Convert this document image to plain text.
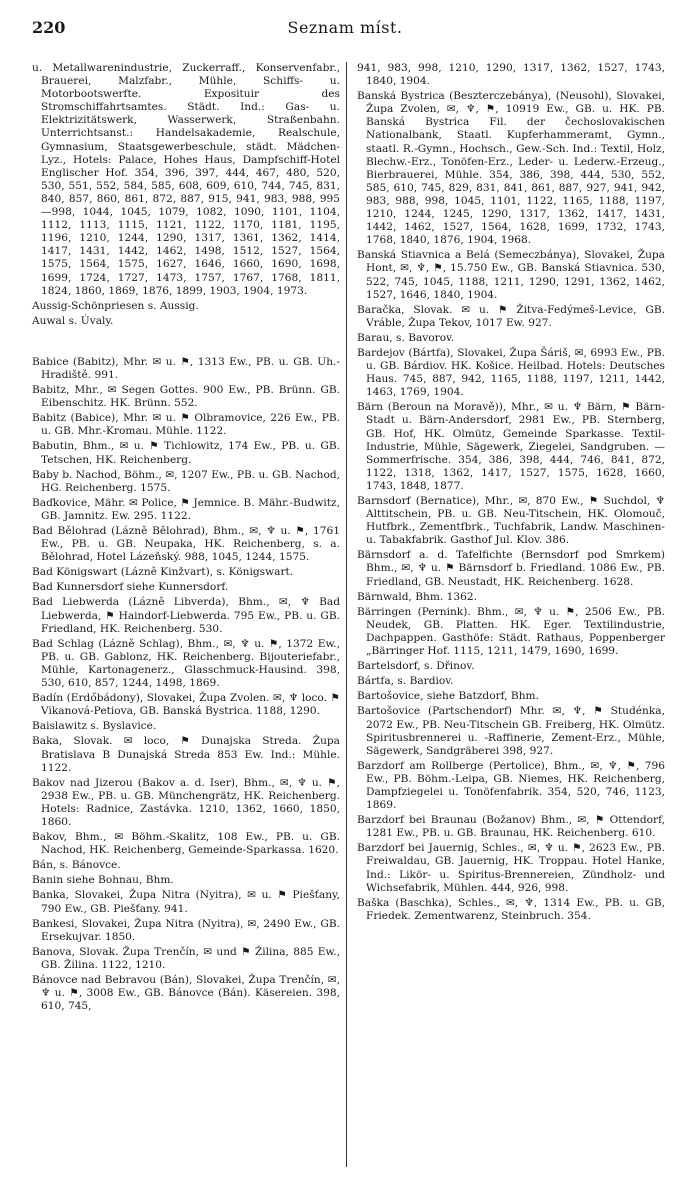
220	Seznam míst.

u. Metallwarenindustrie, Zuckerraff., Konservenfabr., Brauerei, Malzfabr., Mühle, Schiffs- u. Motorbootswerfte. Exposituir des Stromschiffahrtsamtes. Städt. Ind.: Gas- u. Elektrizitätswerk, Wasserwerk, Straßenbahn. Unterrichtsanst.: Handelsakademie, Realschule, Gymnasium, Staatsgewerbeschule, städt. Mädchen-Lyz., Hotels: Palace, Hohes Haus, Dampfschiff-Hotel Englischer Hof. 354, 396, 397, 444, 467, 480, 520, 530, 551, 552, 584, 585, 608, 609, 610, 744, 745, 831, 840, 857, 860, 861, 872, 887, 915, 941, 983, 988, 995—998, 1044, 1045, 1079, 1082, 1090, 1101, 1104, 1112, 1113, 1115, 1121, 1122, 1170, 1181, 1195, 1196, 1210, 1244, 1290, 1317, 1361, 1362, 1414, 1417, 1431, 1442, 1462, 1498, 1512, 1527, 1564, 1575, 1564, 1575, 1627, 1646, 1660, 1690, 1698, 1699, 1724, 1727, 1473, 1757, 1767, 1768, 1811, 1824, 1860, 1869, 1876, 1899, 1903, 1904, 1973.

Aussig-Schönpriesen s. Aussig.

Auwal s. Úvaly.

Babice (Babitz), Mhr. ✉ u. ⚑, 1313 Ew., PB. u. GB. Uh.-Hradiště. 991.

Babitz, Mhr., ✉ Segen Gottes. 900 Ew., PB. Brünn. GB. Eibenschitz. HK. Brünn. 552.

Babitz (Babice), Mhr. ✉ u. ⚑ Olbramovice, 226 Ew., PB. u. GB. Mhr.-Kromau. Mühle. 1122.

Babutin, Bhm., ✉ u. ⚑ Tichlowitz, 174 Ew., PB. u. GB. Tetschen, HK. Reichenberg.

Baby b. Nachod, Böhm., ✉, 1207 Ew., PB. u. GB. Nachod, HG. Reichenberg. 1575.

Baďkovice, Mähr. ✉ Police, ⚑ Jemnice. B. Mähr.-Budwitz, GB. Jamnitz. Ew. 295. 1122.

Bad Bělohrad (Lázně Bělohrad), Bhm., ✉, ♆ u. ⚑, 1761 Ew., PB. u. GB. Neupaka, HK. Reichenberg, s. a. Bělohrad, Hotel Lázeňský. 988, 1045, 1244, 1575.

Bad Königswart (Lázně Kinžvart), s. Königswart.

Bad Kunnersdorf siehe Kunnersdorf.

Bad Liebwerda (Lázně Libverda), Bhm., ✉, ♆ Bad Liebwerda, ⚑ Haindorf-Liebwerda. 795 Ew., PB. u. GB. Friedland, HK. Reichenberg. 530.

Bad Schlag (Lázně Schlag), Bhm., ✉, ♆ u. ⚑, 1372 Ew., PB. u. GB. Gablonz, HK. Reichenberg. Bijouteriefabr., Mühle, Kartonagenerz., Glasschmuck-Hausind. 398, 530, 610, 857, 1244, 1498, 1869.

Badín (Erdőbádony), Slovakei, Župa Zvolen. ✉, ♆ loco. ⚑ Vikanová-Petiova, GB. Banská Bystrica. 1188, 1290.

Baislawitz s. Byslavice.

Baka, Slovak. ✉ loco, ⚑ Dunajska Streda. Župa Bratislava B Dunajská Streda 853 Ew. Ind.: Mühle. 1122.

Bakov nad Jizerou (Bakov a. d. Iser), Bhm., ✉, ♆ u. ⚑, 2938 Ew., PB. u. GB. Münchengrätz, HK. Reichenberg. Hotels: Radnice, Zastávka. 1210, 1362, 1660, 1850, 1860.

Bakov, Bhm., ✉ Böhm.-Skalitz, 108 Ew., PB. u. GB. Nachod, HK. Reichenberg, Gemeinde-Sparkassa. 1620.

Bán, s. Bánovce.

Banin siehe Bohnau, Bhm.

Banka, Slovakei, Župa Nitra (Nyitra), ✉ u. ⚑ Piešťany, 790 Ew., GB. Piešťany. 941.

Bankesi, Slovakei, Župa Nitra (Nyitra), ✉, 2490 Ew., GB. Ersekujvar. 1850.

Banova, Slovak. Župa Trenčín, ✉ und ⚑ Žilina, 885 Ew., GB. Žilina. 1122, 1210.

Bánovce nad Bebravou (Bán), Slovakei, Župa Trenčín, ✉, ♆ u. ⚑, 3008 Ew., GB. Bánovce (Bán). Käsereien. 398, 610, 745,

941, 983, 998, 1210, 1290, 1317, 1362, 1527, 1743, 1840, 1904.

Banská Bystrica (Beszterczebánya), (Neusohl), Slovakei, Župa Zvolen, ✉, ♆, ⚑, 10919 Ew., GB. u. HK. PB. Banská Bystrica Fil. der čechoslovakischen Nationalbank, Staatl. Kupferhammeramt, Gymn., staatl. R.-Gymn., Hochsch., Gew.-Sch. Ind.: Textil, Holz, Blechw.-Erz., Tonöfen-Erz., Leder- u. Lederw.-Erzeug., Bierbrauerei, Mühle. 354, 386, 398, 444, 530, 552, 585, 610, 745, 829, 831, 841, 861, 887, 927, 941, 942, 983, 988, 998, 1045, 1101, 1122, 1165, 1188, 1197, 1210, 1244, 1245, 1290, 1317, 1362, 1417, 1431, 1442, 1462, 1527, 1564, 1628, 1699, 1732, 1743, 1768, 1840, 1876, 1904, 1968.

Banská Stiavnica a Belá (Semeczbánya), Slovakei, Župa Hont, ✉, ♆, ⚑, 15.750 Ew., GB. Banská Stiavnica. 530, 522, 745, 1045, 1188, 1211, 1290, 1291, 1362, 1462, 1527, 1646, 1840, 1904.

Baračka, Slovak. ✉ u. ⚑ Žitva-Fedýmeš-Levice, GB. Vráble, Župa Tekov, 1017 Ew. 927.

Barau, s. Bavorov.

Bardejov (Bártfa), Slovakei, Župa Šáriš, ✉, 6993 Ew., PB. u. GB. Bárdiov. HK. Košice. Heilbad. Hotels: Deutsches Haus. 745, 887, 942, 1165, 1188, 1197, 1211, 1442, 1463, 1769, 1904.

Bärn (Beroun na Moravě)), Mhr., ✉ u. ♆ Bärn, ⚑ Bärn-Stadt u. Bärn-Andersdorf, 2981 Ew., PB. Sternberg, GB. Hof, HK. Olmütz, Gemeinde Sparkasse. Textil-Industrie, Mühle, Sägewerk, Ziegelei, Sandgruben. — Sommerfrische. 354, 386, 398, 444, 746, 841, 872, 1122, 1318, 1362, 1417, 1527, 1575, 1628, 1660, 1743, 1848, 1877.

Barnsdorf (Bernatice), Mhr., ✉, 870 Ew., ⚑ Suchdol, ♆ Alttitschein, PB. u. GB. Neu-Titschein, HK. Olomouč, Hutfbrk., Zementfbrk., Tuchfabrik, Landw. Maschinen- u. Tabakfabrik. Gasthof Jul. Klov. 386.

Bärnsdorf a. d. Tafelfichte (Bernsdorf pod Smrkem) Bhm., ✉, ♆ u. ⚑ Bärnsdorf b. Friedland. 1086 Ew., PB. Friedland, GB. Neustadt, HK. Reichenberg. 1628.

Bärnwald, Bhm. 1362.

Bärringen (Pernink). Bhm., ✉, ♆ u. ⚑, 2506 Ew., PB. Neudek, GB. Platten. HK. Eger. Textilindustrie, Dachpappen. Gasthöfe: Städt. Rathaus, Poppenberger „Bärringer Hof. 1115, 1211, 1479, 1690, 1699.

Bartelsdorf, s. Dřinov.

Bártfa, s. Bardiov.

Bartošovice, siehe Batzdorf, Bhm.

Bartošovice (Partschendorf) Mhr. ✉, ♆, ⚑ Studénka, 2072 Ew., PB. Neu-Titschein GB. Freiberg, HK. Olmütz. Spiritusbrennerei u. -Raffinerie, Zement-Erz., Mühle, Sägewerk, Sandgräberei 398, 927.

Barzdorf am Rollberge (Pertolice), Bhm., ✉, ♆, ⚑, 796 Ew., PB. Böhm.-Leipa, GB. Niemes, HK. Reichenberg, Dampfziegelei u. Tonöfenfabrik. 354, 520, 746, 1123, 1869.

Barzdorf bei Braunau (Božanov) Bhm., ✉, ⚑ Ottendorf, 1281 Ew., PB. u. GB. Braunau, HK. Reichenberg. 610.

Barzdorf bei Jauernig, Schles., ✉, ♆ u. ⚑, 2623 Ew., PB. Freiwaldau, GB. Jauernig, HK. Troppau. Hotel Hanke, Ind.: Likör- u. Spiritus-Brennereien, Zündholz- und Wichsefabrik, Mühlen. 444, 926, 998.

Baška (Baschka), Schles., ✉, ♆, 1314 Ew., PB. u. GB, Friedek. Zementwarenz, Steinbruch. 354.
